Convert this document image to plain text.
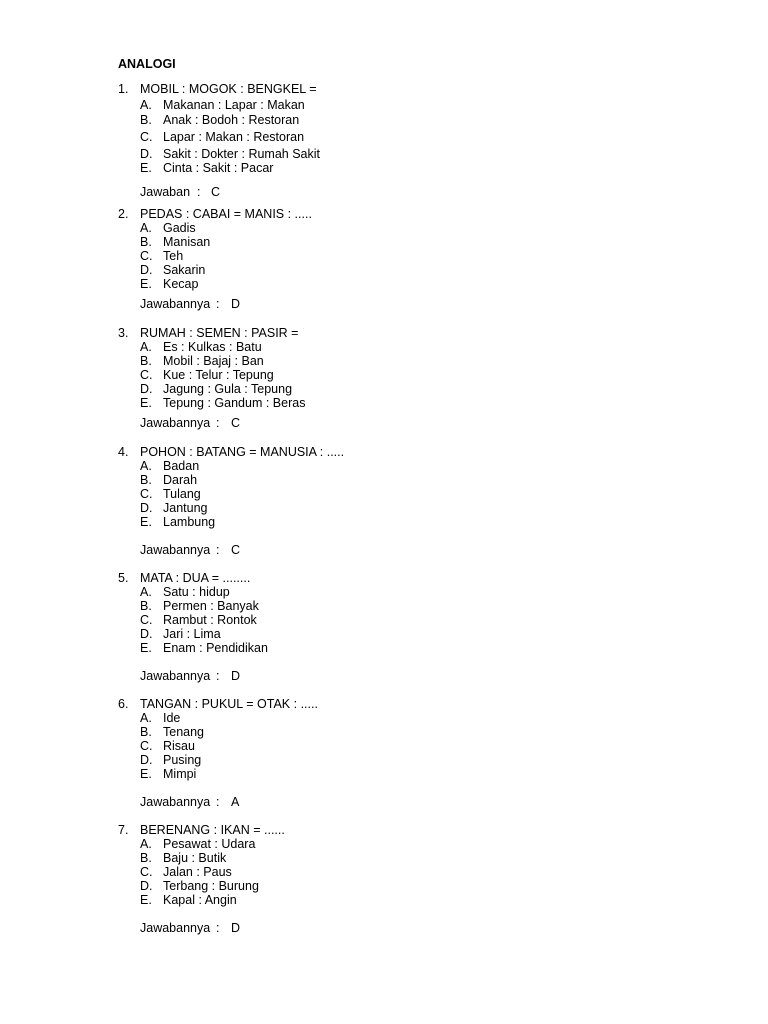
ANALOGI
1. MOBIL : MOGOK : BENGKEL =
A. Makanan : Lapar : Makan
B. Anak : Bodoh : Restoran
C. Lapar : Makan : Restoran
D. Sakit : Dokter : Rumah Sakit
E. Cinta : Sakit : Pacar
Jawaban : C
2. PEDAS : CABAI = MANIS : .....
A. Gadis
B. Manisan
C. Teh
D. Sakarin
E. Kecap
Jawabannya : D
3. RUMAH : SEMEN : PASIR =
A. Es : Kulkas : Batu
B. Mobil : Bajaj : Ban
C. Kue : Telur : Tepung
D. Jagung : Gula : Tepung
E. Tepung : Gandum : Beras
Jawabannya : C
4. POHON : BATANG = MANUSIA : .....
A. Badan
B. Darah
C. Tulang
D. Jantung
E. Lambung
Jawabannya : C
5. MATA : DUA = ........
A. Satu : hidup
B. Permen : Banyak
C. Rambut : Rontok
D. Jari : Lima
E. Enam : Pendidikan
Jawabannya : D
6. TANGAN : PUKUL = OTAK : .....
A. Ide
B. Tenang
C. Risau
D. Pusing
E. Mimpi
Jawabannya : A
7. BERENANG : IKAN = ......
A. Pesawat : Udara
B. Baju : Butik
C. Jalan : Paus
D. Terbang : Burung
E. Kapal : Angin
Jawabannya : D
